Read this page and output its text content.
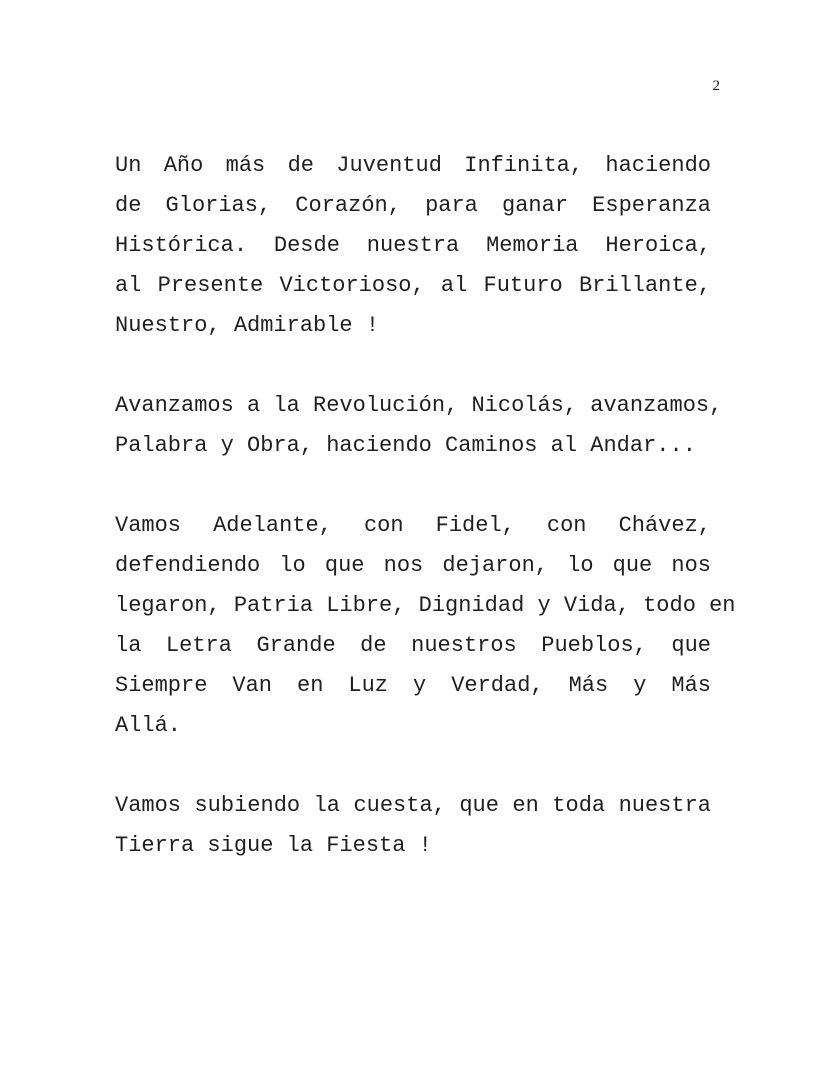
2
Un Año más de Juventud Infinita, haciendo
de Glorias, Corazón, para ganar Esperanza
Histórica. Desde nuestra Memoria Heroica,
al Presente Victorioso, al Futuro Brillante,
Nuestro, Admirable !
Avanzamos a la Revolución, Nicolás, avanzamos,
Palabra y Obra, haciendo Caminos al Andar...
Vamos Adelante, con Fidel, con Chávez,
defendiendo lo que nos dejaron, lo que nos
legaron, Patria Libre, Dignidad y Vida, todo en
la Letra Grande de nuestros Pueblos, que
Siempre Van en Luz y Verdad, Más y Más
Allá.
Vamos subiendo la cuesta, que en toda nuestra
Tierra sigue la Fiesta !
